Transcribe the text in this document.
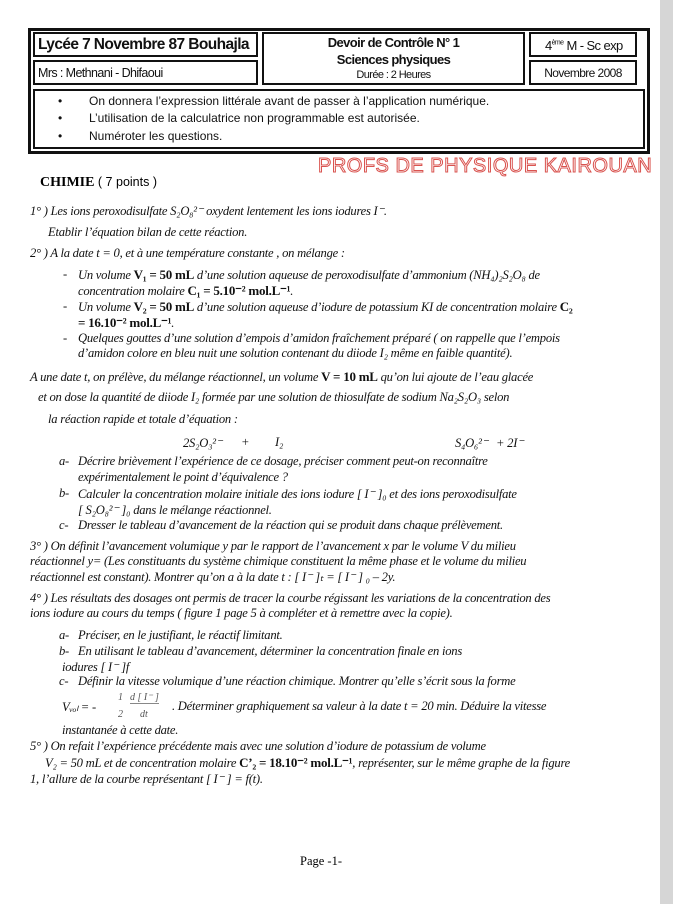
Lycée 7 Novembre 87 Bouhajla
Mrs : Methnani - Dhifaoui
Devoir de Contrôle N° 1
Sciences physiques
Durée : 2 Heures
4ème M - Sc exp
Novembre 2008
• On donnera l’expression littérale avant de passer à l’application numérique.
• L’utilisation de la calculatrice non programmable est autorisée.
• Numéroter les questions.
CHIMIE ( 7 points )
1° ) Les ions peroxodisulfate S₂O₈²⁻ oxydent lentement les ions iodures I⁻.
Etablir l’équation bilan de cette réaction.
2° ) A la date t = 0, et à une température constante , on mélange :
- Un volume V₁ = 50 mL d’une solution aqueuse de peroxodisulfate d’ammonium (NH₄)₂S₂O₈ de
concentration molaire C₁ = 5.10⁻² mol.L⁻¹.
- Un volume V₂ = 50 mL d’une solution aqueuse d’iodure de potassium KI de concentration molaire C₂
= 16.10⁻² mol.L⁻¹.
- Quelques gouttes d’une solution d’empois d’amidon fraîchement préparé ( on rappelle que l’empois
d’amidon colore en bleu nuit une solution contenant du diiode I₂ même en faible quantité).
A une date t, on prélève, du mélange réactionnel, un volume V = 10 mL qu’on lui ajoute de l’eau glacée
et on dose la quantité de diiode I₂ formée par une solution de thiosulfate de sodium Na₂S₂O₃ selon
la réaction rapide et totale d’équation :
2S₂O₃²⁻ + I₂	S₄O₆²⁻ + 2I⁻
a- Décrire brièvement l’expérience de ce dosage, préciser comment peut-on reconnaître
expérimentalement le point d’équivalence ?
b- Calculer la concentration molaire initiale des ions iodure [ I⁻ ]₀ et des ions peroxodisulfate
[ S₂O₈²⁻ ]₀ dans le mélange réactionnel.
c- Dresser le tableau d’avancement de la réaction qui se produit dans chaque prélèvement.
3° ) On définit l’avancement volumique y par le rapport de l’avancement x par le volume V du milieu
réactionnel y= (Les constituants du système chimique constituent la même phase et le volume du milieu
réactionnel est constant). Montrer qu’on a à la date t : [ I⁻ ]ₜ = [ I⁻ ] ₀ – 2y.
4° ) Les résultats des dosages ont permis de tracer la courbe régissant les variations de la concentration des
ions iodure au cours du temps ( figure 1 page 5 à compléter et à remettre avec la copie).
a- Préciser, en le justifiant, le réactif limitant.
b- En utilisant le tableau d’avancement, déterminer la concentration finale en ions
iodures [ I⁻ ]f
c- Définir la vitesse volumique d’une réaction chimique. Montrer qu’elle s’écrit sous la forme
Vᵥₒₗ = -
1
2
d [ I⁻ ]
dt
. Déterminer graphiquement sa valeur à la date t = 20 min. Déduire la vitesse
instantanée à cette date.
5° ) On refait l’expérience précédente mais avec une solution d’iodure de potassium de volume
V₂ = 50 mL et de concentration molaire C’₂ = 18.10⁻² mol.L⁻¹, représenter, sur le même graphe de la figure
1, l’allure de la courbe représentant [ I⁻ ] = f(t).
Page -1-
PROFS DE PHYSIQUE KAIROUAN
